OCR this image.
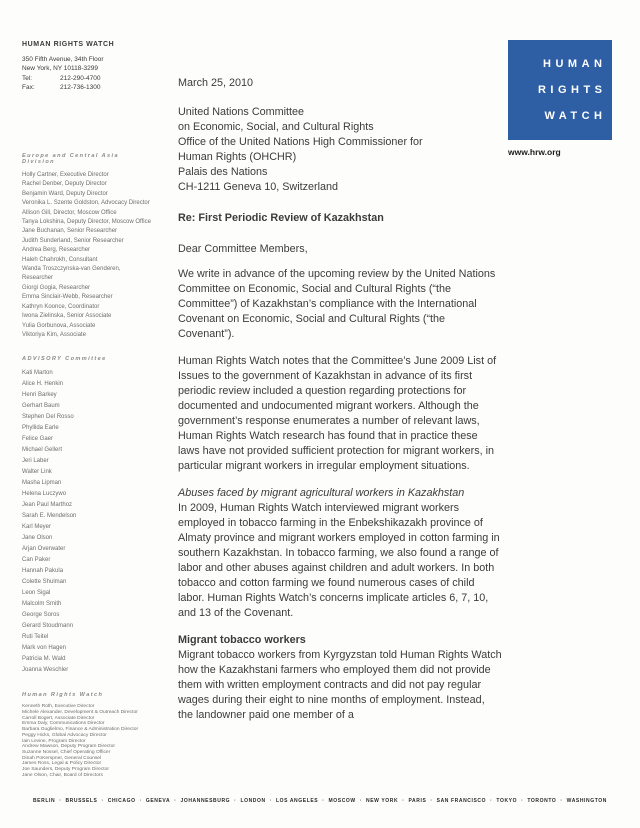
HUMAN RIGHTS WATCH
350 Fifth Avenue, 34th Floor
New York, NY 10118-3299
Tel:	212-290-4700
Fax:	212-736-1300
HUMAN
RIGHTS
WATCH
www.hrw.org
Europe and Central Asia Division
Holly Cartner, Executive Director
Rachel Denber, Deputy Director
Benjamin Ward, Deputy Director
Veronika L. Szente Goldston, Advocacy Director
Allison Gill, Director, Moscow Office
Tanya Lokshina, Deputy Director, Moscow Office
Jane Buchanan, Senior Researcher
Judith Sunderland, Senior Researcher
Andrea Berg, Researcher
Haleh Chahrokh, Consultant
Wanda Troszczynska-van Genderen, Researcher
Giorgi Gogia, Researcher
Emma Sinclair-Webb, Researcher
Kathryn Koonce, Coordinator
Iwona Zielinska, Senior Associate
Yulia Gorbunova, Associate
Viktoriya Kim, Associate
ADVISORY Committee
Kati Marton
Alice H. Henkin
Henri Barkey
Gerhart Baum
Stephen Del Rosso
Phyllida Earle
Felice Gaer
Michael Gellert
Jeri Laber
Walter Link
Masha Lipman
Helena Luczywo
Jean Paul Marthoz
Sarah E. Mendelson
Karl Meyer
Jane Olson
Arjan Overwater
Can Paker
Hannah Pakula
Colette Shulman
Leon Sigal
Malcolm Smith
George Soros
Gerard Stoudmann
Ruti Teitel
Mark von Hagen
Patricia M. Wald
Joanna Weschler
Human Rights Watch
Kenneth Roth, Executive Director
Michele Alexander, Development & Outreach Director
Carroll Bogert, Associate Director
Emma Daly, Communications Director
Barbara Guglielmo, Finance & Administration Director
Peggy Hicks, Global Advocacy Director
Iain Levine, Program Director
Andrew Mawson, Deputy Program Director
Suzanne Nossel, Chief Operating Officer
Dinah PoKempner, General Counsel
James Ross, Legal & Policy Director
Joe Saunders, Deputy Program Director
Jane Olson, Chair, Board of Directors
March 25, 2010
United Nations Committee
on Economic, Social, and Cultural Rights
Office of the United Nations High Commissioner for
Human Rights (OHCHR)
Palais des Nations
CH-1211 Geneva 10, Switzerland
Re: First Periodic Review of Kazakhstan
Dear Committee Members,

We write in advance of the upcoming review by the United Nations Committee on Economic, Social and Cultural Rights (“the Committee”) of Kazakhstan’s compliance with the International Covenant on Economic, Social and Cultural Rights (“the Covenant”).

Human Rights Watch notes that the Committee’s June 2009 List of Issues to the government of Kazakhstan in advance of its first periodic review included a question regarding protections for documented and undocumented migrant workers. Although the government’s response enumerates a number of relevant laws, Human Rights Watch research has found that in practice these laws have not provided sufficient protection for migrant workers, in particular migrant workers in irregular employment situations.

Abuses faced by migrant agricultural workers in Kazakhstan

In 2009, Human Rights Watch interviewed migrant workers employed in tobacco farming in the Enbekshikazakh province of Almaty province and migrant workers employed in cotton farming in southern Kazakhstan. In tobacco farming, we also found a range of labor and other abuses against children and adult workers. In both tobacco and cotton farming we found numerous cases of child labor. Human Rights Watch’s concerns implicate articles 6, 7, 10, and 13 of the Covenant.

Migrant tobacco workers

Migrant tobacco workers from Kyrgyzstan told Human Rights Watch how the Kazakhstani farmers who employed them did not provide them with written employment contracts and did not pay regular wages during their eight to nine months of employment. Instead, the landowner paid one member of a

BERLIN · BRUSSELS · CHICAGO · GENEVA · JOHANNESBURG · LONDON · LOS ANGELES · MOSCOW · NEW YORK · PARIS · SAN FRANCISCO · TOKYO · TORONTO · WASHINGTON
